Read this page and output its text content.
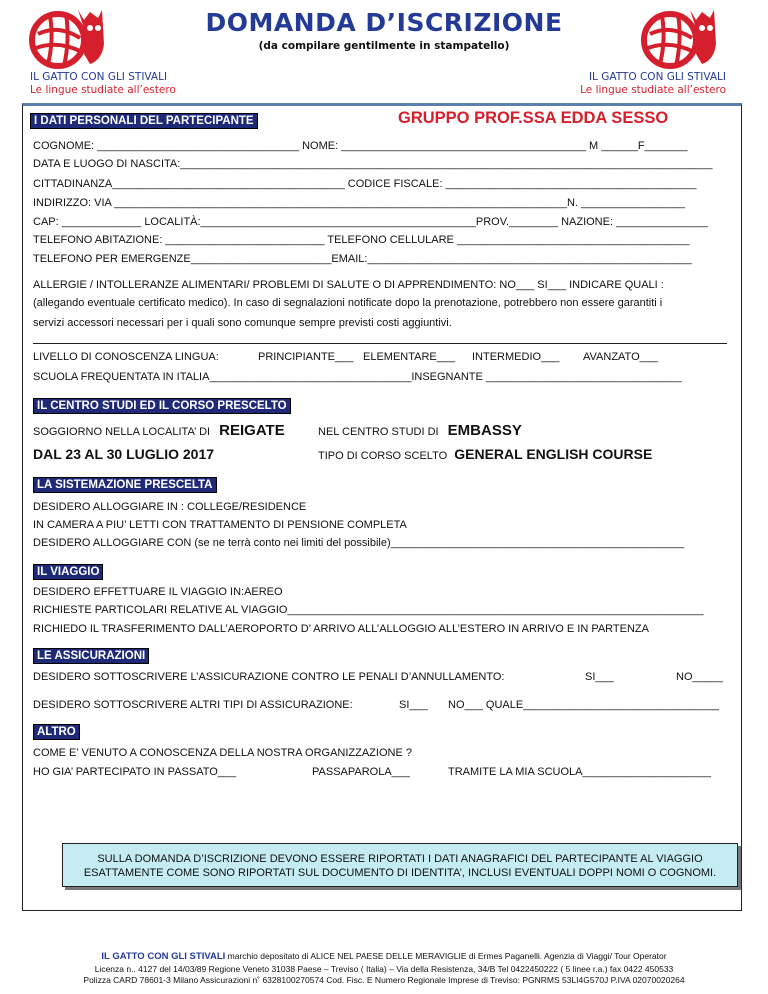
DOMANDA D’ISCRIZIONE
(da compilare gentilmente in stampatello)
IL GATTO CON GLI STIVALI
Le lingue studiate all’estero
IL GATTO CON GLI STIVALI
Le lingue studiate all’estero
I DATI PERSONALI DEL PARTECIPANTE	GRUPPO PROF.SSA EDDA SESSO
COGNOME: _________________________________ NOME: ________________________________________ M ______F_______
DATA E LUOGO DI NASCITA:_______________________________________________________________________________________
CITTADINANZA______________________________________ CODICE FISCALE: _________________________________________
INDIRIZZO: VIA __________________________________________________________________________N. _________________
CAP: _____________ LOCALITÀ:_____________________________________________PROV.________ NAZIONE: _______________
TELEFONO ABITAZIONE: __________________________ TELEFONO CELLULARE ______________________________________
TELEFONO PER EMERGENZE_______________________EMAIL:_____________________________________________________
ALLERGIE / INTOLLERANZE ALIMENTARI/ PROBLEMI DI SALUTE O DI APPRENDIMENTO: NO___ SI___ INDICARE QUALI :
(allegando eventuale certificato medico). In caso di segnalazioni notificate dopo la prenotazione, potrebbero non essere garantiti i
servizi accessori necessari per i quali sono comunque sempre previsti costi aggiuntivi.
LIVELLO DI CONOSCENZA LINGUA:	PRINCIPIANTE___ ELEMENTARE___ INTERMEDIO___ AVANZATO___
SCUOLA FREQUENTATA IN ITALIA_________________________________INSEGNANTE ________________________________
IL CENTRO STUDI ED IL CORSO PRESCELTO
SOGGIORNO NELLA LOCALITA’ DI REIGATE	NEL CENTRO STUDI DI EMBASSY
DAL 23 AL 30 LUGLIO 2017	TIPO DI CORSO SCELTO GENERAL ENGLISH COURSE
LA SISTEMAZIONE PRESCELTA
DESIDERO ALLOGGIARE IN : COLLEGE/RESIDENCE
IN CAMERA A PIU’ LETTI CON TRATTAMENTO DI PENSIONE COMPLETA
DESIDERO ALLOGGIARE CON (se ne terrà conto nei limiti del possibile)________________________________________________
IL VIAGGIO
DESIDERO EFFETTUARE IL VIAGGIO IN:AEREO
RICHIESTE PARTICOLARI RELATIVE AL VIAGGIO____________________________________________________________________
RICHIEDO IL TRASFERIMENTO DALL’AEROPORTO D’ ARRIVO ALL’ALLOGGIO ALL’ESTERO IN ARRIVO E IN PARTENZA
LE ASSICURAZIONI
DESIDERO SOTTOSCRIVERE L’ASSICURAZIONE CONTRO LE PENALI D’ANNULLAMENTO:	SI___	NO_____
DESIDERO SOTTOSCRIVERE ALTRI TIPI DI ASSICURAZIONE:	SI___ NO___ QUALE________________________________
ALTRO
COME E’ VENUTO A CONOSCENZA DELLA NOSTRA ORGANIZZAZIONE ?
HO GIA’ PARTECIPATO IN PASSATO___	PASSAPAROLA___	TRAMITE LA MIA SCUOLA_____________________
SULLA DOMANDA D’ISCRIZIONE DEVONO ESSERE RIPORTATI I DATI ANAGRAFICI DEL PARTECIPANTE AL VIAGGIO
ESATTAMENTE COME SONO RIPORTATI SUL DOCUMENTO DI IDENTITA’, INCLUSI EVENTUALI DOPPI NOMI O COGNOMI.
IL GATTO CON GLI STIVALI marchio depositato di ALICE NEL PAESE DELLE MERAVIGLIE di Ermes Paganelli. Agenzia di Viaggi/ Tour Operator
Licenza n.. 4127 del 14/03/89 Regione Veneto 31038 Paese – Treviso ( Italia) – Via della Resistenza, 34/B Tel 0422450222 ( 5 linee r.a.) fax 0422 450533
Polizza CARD 78601-3 Milano Assicurazioni n˚ 6328100270574 Cod. Fisc. E Numero Regionale Imprese di Treviso: PGNRMS 53LI4G570J P.IVA 02070020264
